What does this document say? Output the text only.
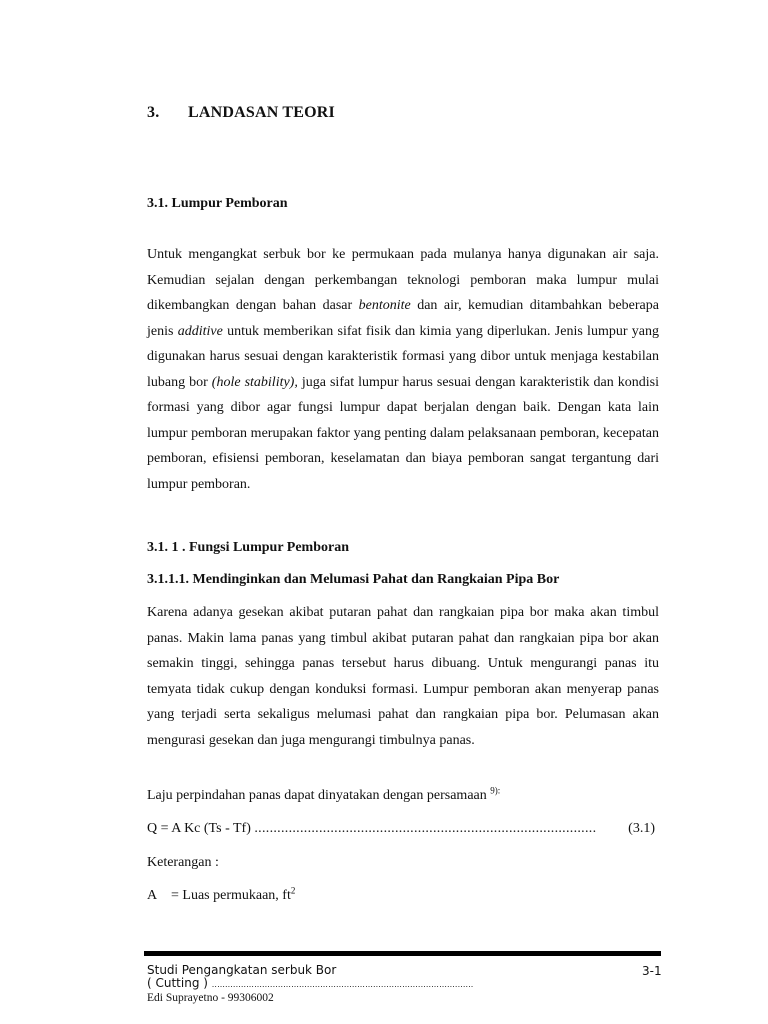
3. LANDASAN TEORI
3.1. Lumpur Pemboran

Untuk mengangkat serbuk bor ke permukaan pada mulanya hanya digunakan air saja. Kemudian sejalan dengan perkembangan teknologi pemboran maka lumpur mulai dikembangkan dengan bahan dasar bentonite dan air, kemudian ditambahkan beberapa jenis additive untuk memberikan sifat fisik dan kimia yang diperlukan. Jenis lumpur yang digunakan harus sesuai dengan karakteristik formasi yang dibor untuk menjaga kestabilan lubang bor (hole stability), juga sifat lumpur harus sesuai dengan karakteristik dan kondisi formasi yang dibor agar fungsi lumpur dapat berjalan dengan baik. Dengan kata lain lumpur pemboran merupakan faktor yang penting dalam pelaksanaan pemboran, kecepatan pemboran, efisiensi pemboran, keselamatan dan biaya pemboran sangat tergantung dari lumpur pemboran.

3.1. 1 . Fungsi Lumpur Pemboran
3.1.1.1. Mendinginkan dan Melumasi Pahat dan Rangkaian Pipa Bor

Karena adanya gesekan akibat putaran pahat dan rangkaian pipa bor maka akan timbul panas. Makin lama panas yang timbul akibat putaran pahat dan rangkaian pipa bor akan semakin tinggi, sehingga panas tersebut harus dibuang. Untuk mengurangi panas itu temyata tidak cukup dengan konduksi formasi. Lumpur pemboran akan menyerap panas yang terjadi serta sekaligus melumasi pahat dan rangkaian pipa bor. Pelumasan akan mengurasi gesekan dan juga mengurangi timbulnya panas.

Laju perpindahan panas dapat dinyatakan dengan persamaan $^{9):}$
Q = A Kc (Ts - Tf) .......................................................................................... (3.1)
Keterangan :
A = Luas permukaan, $ft^2$
Studi Pengangkatan serbuk Bor
( Cutting ) ...................................................................................................
3-1
Edi Suprayetno - 99306002
